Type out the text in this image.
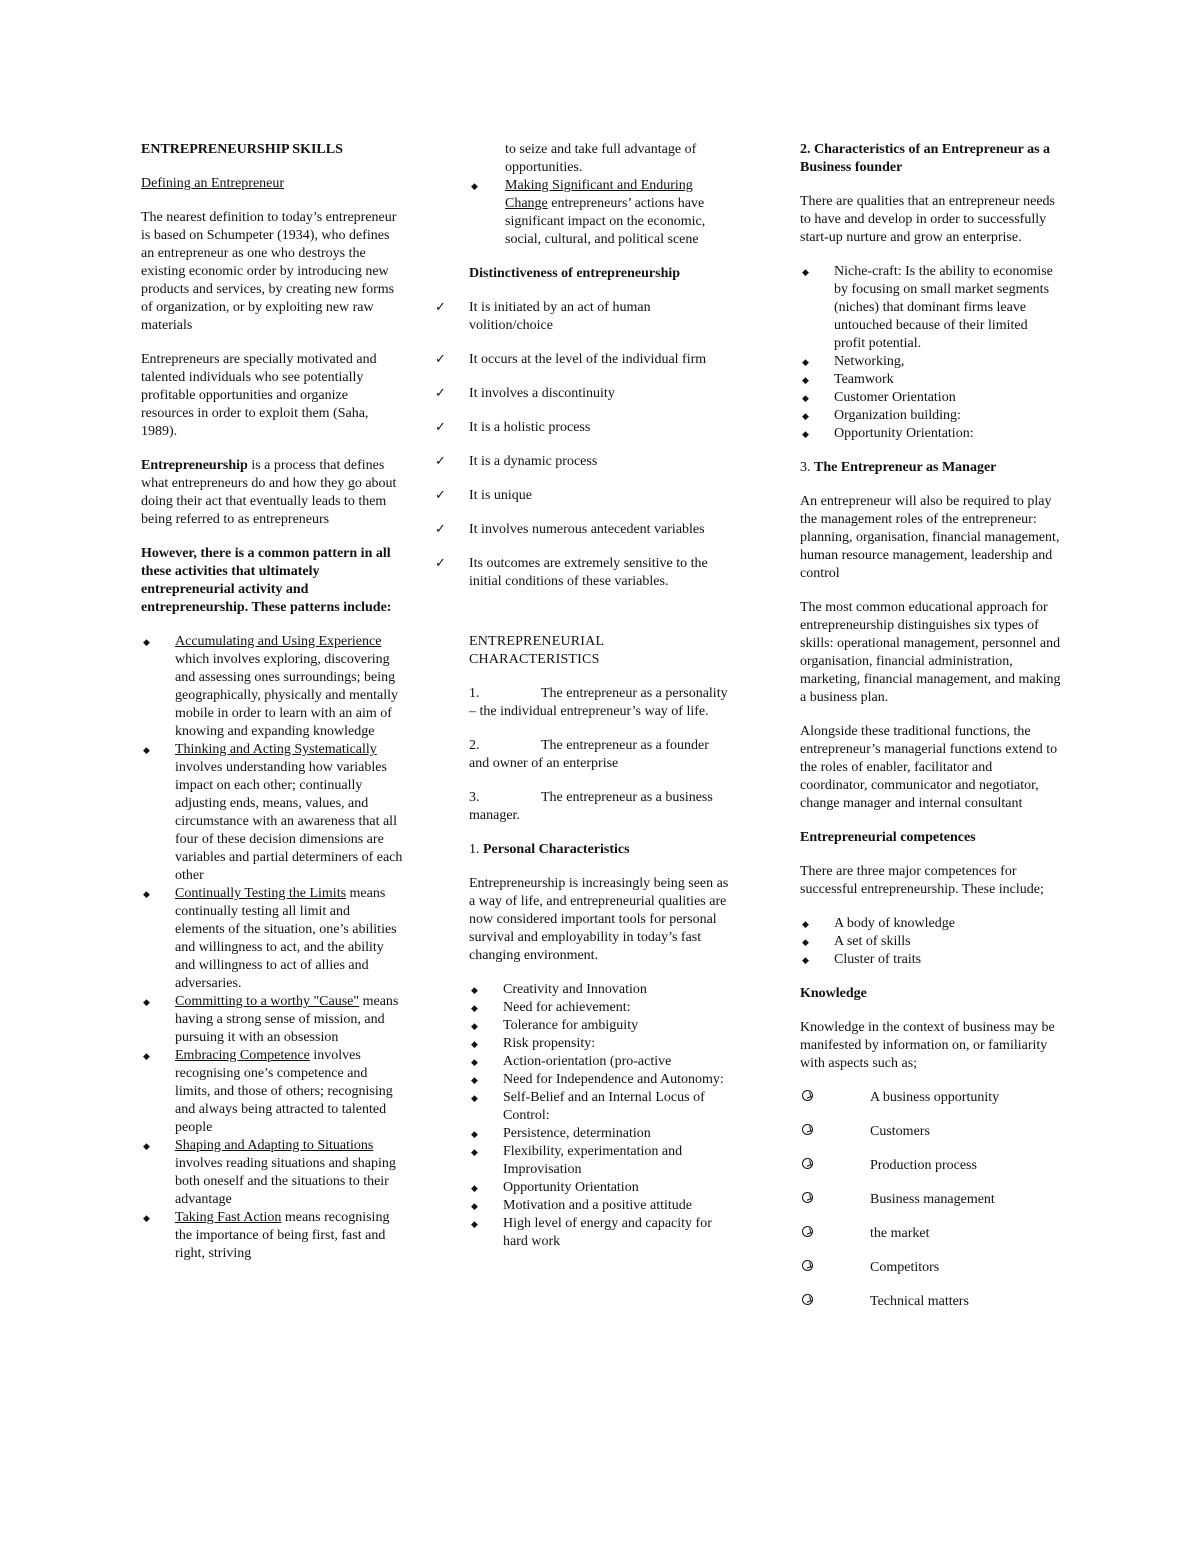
ENTREPRENEURSHIP SKILLS

Defining an Entrepreneur

The nearest definition to today’s entrepreneur is based on Schumpeter (1934), who defines an entrepreneur as one who destroys the existing economic order by introducing new products and services, by creating new forms of organization, or by exploiting new raw materials

Entrepreneurs are specially motivated and talented individuals who see potentially profitable opportunities and organize resources in order to exploit them (Saha, 1989).

Entrepreneurship is a process that defines what entrepreneurs do and how they go about doing their act that eventually leads to them being referred to as entrepreneurs

However, there is a common pattern in all these activities that ultimately entrepreneurial activity and entrepreneurship. These patterns include:

◆ Accumulating and Using Experience which involves exploring, discovering and assessing ones surroundings; being geographically, physically and mentally mobile in order to learn with an aim of knowing and expanding knowledge
◆ Thinking and Acting Systematically involves understanding how variables impact on each other; continually adjusting ends, means, values, and circumstance with an awareness that all four of these decision dimensions are variables and partial determiners of each other
◆ Continually Testing the Limits means continually testing all limit and elements of the situation, one’s abilities and willingness to act, and the ability and willingness to act of allies and adversaries.
◆ Committing to a worthy "Cause" means having a strong sense of mission, and pursuing it with an obsession
◆ Embracing Competence involves recognising one’s competence and limits, and those of others; recognising and always being attracted to talented people
◆ Shaping and Adapting to Situations involves reading situations and shaping both oneself and the situations to their advantage
◆ Taking Fast Action means recognising the importance of being first, fast and right, striving
to seize and take full advantage of opportunities.
◆ Making Significant and Enduring Change entrepreneurs’ actions have significant impact on the economic, social, cultural, and political scene

Distinctiveness of entrepreneurship

✓ It is initiated by an act of human volition/choice
✓ It occurs at the level of the individual firm
✓ It involves a discontinuity
✓ It is a holistic process
✓ It is a dynamic process
✓ It is unique
✓ It involves numerous antecedent variables
✓ Its outcomes are extremely sensitive to the initial conditions of these variables.

ENTREPRENEURIAL CHARACTERISTICS

1.	The entrepreneur as a personality – the individual entrepreneur’s way of life.
2.	The entrepreneur as a founder and owner of an enterprise
3.	The entrepreneur as a business manager.

1. Personal Characteristics

Entrepreneurship is increasingly being seen as a way of life, and entrepreneurial qualities are now considered important tools for personal survival and employability in today’s fast changing environment.

◆ Creativity and Innovation
◆ Need for achievement:
◆ Tolerance for ambiguity
◆ Risk propensity:
◆ Action-orientation (pro-active
◆ Need for Independence and Autonomy:
◆ Self-Belief and an Internal Locus of Control:
◆ Persistence, determination
◆ Flexibility, experimentation and Improvisation
◆ Opportunity Orientation
◆ Motivation and a positive attitude
◆ High level of energy and capacity for hard work

2. Characteristics of an Entrepreneur as a Business founder

There are qualities that an entrepreneur needs to have and develop in order to successfully start-up nurture and grow an enterprise.

◆ Niche-craft: Is the ability to economise by focusing on small market segments (niches) that dominant firms leave untouched because of their limited profit potential.
◆ Networking,
◆ Teamwork
◆ Customer Orientation
◆ Organization building:
◆ Opportunity Orientation:

3. The Entrepreneur as Manager

An entrepreneur will also be required to play the management roles of the entrepreneur: planning, organisation, financial management, human resource management, leadership and control

The most common educational approach for entrepreneurship distinguishes six types of skills: operational management, personnel and organisation, financial administration, marketing, financial management, and making a business plan.

Alongside these traditional functions, the entrepreneur’s managerial functions extend to the roles of enabler, facilitator and coordinator, communicator and negotiator, change manager and internal consultant

Entrepreneurial competences

There are three major competences for successful entrepreneurship. These include;

◆ A body of knowledge
◆ A set of skills
◆ Cluster of traits

Knowledge

Knowledge in the context of business may be manifested by information on, or familiarity with aspects such as;

A business opportunity
Customers
Production process
Business management
the market
Competitors
Technical matters
